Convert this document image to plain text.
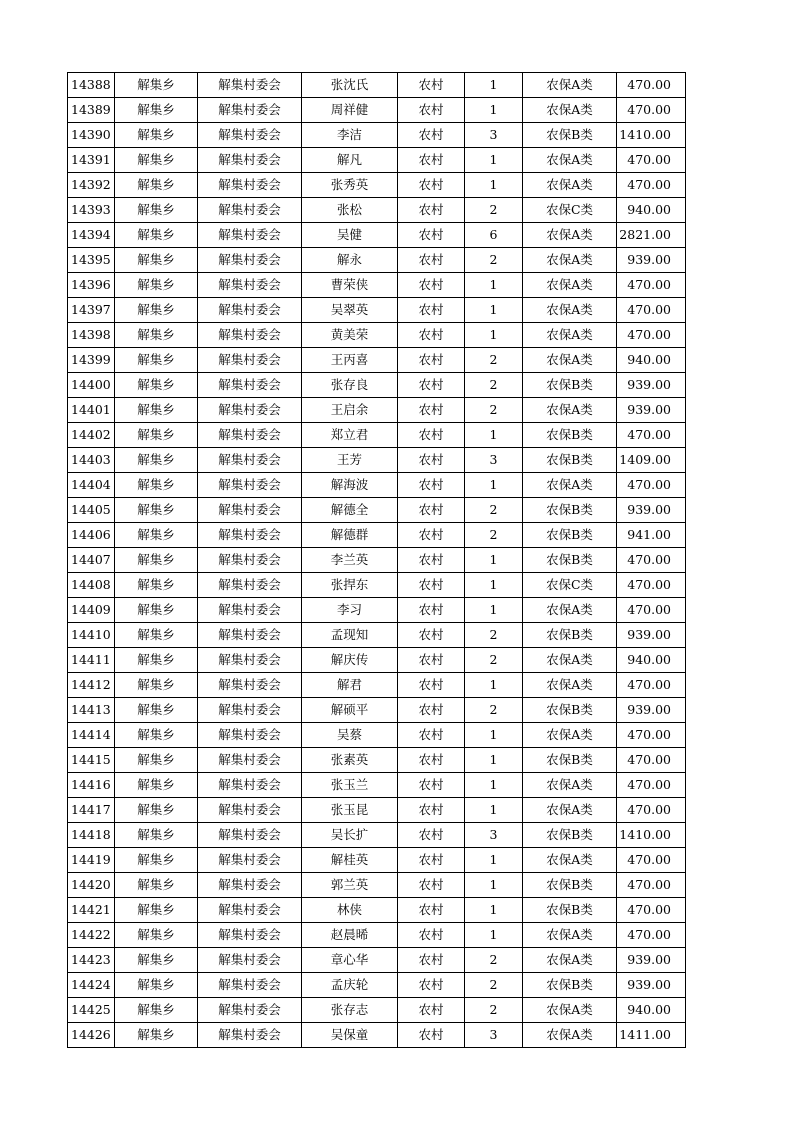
14388	解集乡	解集村委会	张沈氏	农村	1	农保A类	470.00
14389	解集乡	解集村委会	周祥健	农村	1	农保A类	470.00
14390	解集乡	解集村委会	李洁	农村	3	农保B类	1410.00
14391	解集乡	解集村委会	解凡	农村	1	农保A类	470.00
14392	解集乡	解集村委会	张秀英	农村	1	农保A类	470.00
14393	解集乡	解集村委会	张松	农村	2	农保C类	940.00
14394	解集乡	解集村委会	吴健	农村	6	农保A类	2821.00
14395	解集乡	解集村委会	解永	农村	2	农保A类	939.00
14396	解集乡	解集村委会	曹荣侠	农村	1	农保A类	470.00
14397	解集乡	解集村委会	吴翠英	农村	1	农保A类	470.00
14398	解集乡	解集村委会	黄美荣	农村	1	农保A类	470.00
14399	解集乡	解集村委会	王丙喜	农村	2	农保A类	940.00
14400	解集乡	解集村委会	张存良	农村	2	农保B类	939.00
14401	解集乡	解集村委会	王启余	农村	2	农保A类	939.00
14402	解集乡	解集村委会	郑立君	农村	1	农保B类	470.00
14403	解集乡	解集村委会	王芳	农村	3	农保B类	1409.00
14404	解集乡	解集村委会	解海波	农村	1	农保A类	470.00
14405	解集乡	解集村委会	解德全	农村	2	农保B类	939.00
14406	解集乡	解集村委会	解德群	农村	2	农保B类	941.00
14407	解集乡	解集村委会	李兰英	农村	1	农保B类	470.00
14408	解集乡	解集村委会	张捍东	农村	1	农保C类	470.00
14409	解集乡	解集村委会	李习	农村	1	农保A类	470.00
14410	解集乡	解集村委会	孟现知	农村	2	农保B类	939.00
14411	解集乡	解集村委会	解庆传	农村	2	农保A类	940.00
14412	解集乡	解集村委会	解君	农村	1	农保A类	470.00
14413	解集乡	解集村委会	解硕平	农村	2	农保B类	939.00
14414	解集乡	解集村委会	吴蔡	农村	1	农保A类	470.00
14415	解集乡	解集村委会	张素英	农村	1	农保B类	470.00
14416	解集乡	解集村委会	张玉兰	农村	1	农保A类	470.00
14417	解集乡	解集村委会	张玉昆	农村	1	农保A类	470.00
14418	解集乡	解集村委会	吴长扩	农村	3	农保B类	1410.00
14419	解集乡	解集村委会	解桂英	农村	1	农保A类	470.00
14420	解集乡	解集村委会	郭兰英	农村	1	农保B类	470.00
14421	解集乡	解集村委会	林侠	农村	1	农保B类	470.00
14422	解集乡	解集村委会	赵晨晞	农村	1	农保A类	470.00
14423	解集乡	解集村委会	章心华	农村	2	农保A类	939.00
14424	解集乡	解集村委会	孟庆轮	农村	2	农保B类	939.00
14425	解集乡	解集村委会	张存志	农村	2	农保A类	940.00
14426	解集乡	解集村委会	吴保童	农村	3	农保A类	1411.00
